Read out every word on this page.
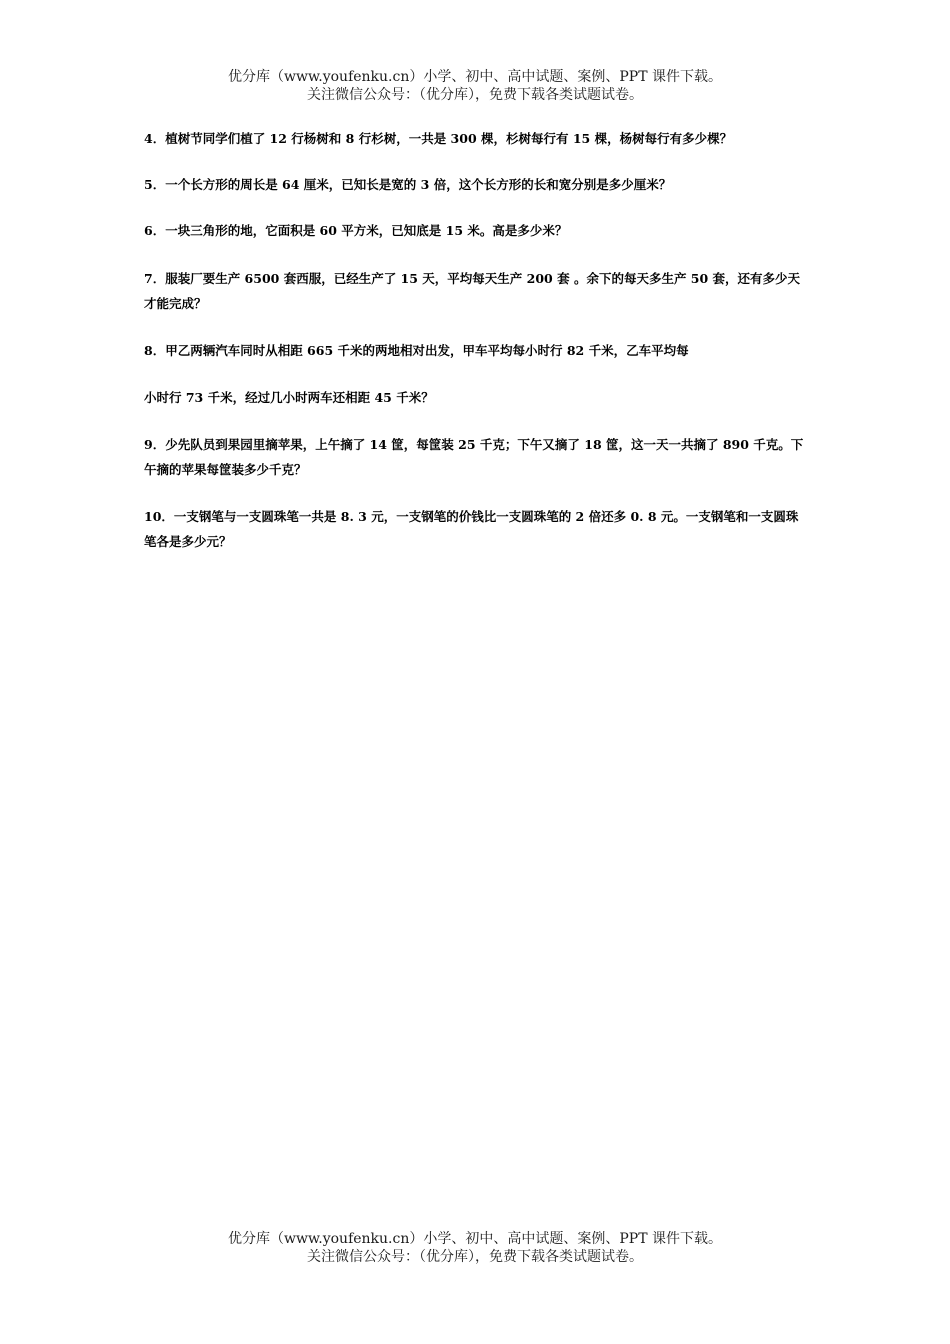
优分库（www.youfenku.cn）小学、初中、高中试题、案例、PPT 课件下载。
关注微信公众号：（优分库），免费下载各类试题试卷。
4．植树节同学们植了 12 行杨树和 8 行杉树，一共是 300 棵，杉树每行有 15 棵，杨树每行有多少棵？
5．一个长方形的周长是 64 厘米，已知长是宽的 3 倍，这个长方形的长和宽分别是多少厘米？
6．一块三角形的地，它面积是 60 平方米，已知底是 15 米。高是多少米？
7．服装厂要生产 6500 套西服，已经生产了 15 天，平均每天生产 200 套 。余下的每天多生产 50 套，还有多少天才能完成？
8．甲乙两辆汽车同时从相距 665 千米的两地相对出发，甲车平均每小时行 82 千米，乙车平均每
小时行 73 千米，经过几小时两车还相距 45 千米？
9．少先队员到果园里摘苹果，上午摘了 14 筐，每筐装 25 千克；下午又摘了 18 筐，这一天一共摘了 890 千克。下午摘的苹果每筐装多少千克？
10．一支钢笔与一支圆珠笔一共是 8. 3 元，一支钢笔的价钱比一支圆珠笔的 2 倍还多 0. 8 元。一支钢笔和一支圆珠笔各是多少元？
优分库（www.youfenku.cn）小学、初中、高中试题、案例、PPT 课件下载。
关注微信公众号：（优分库），免费下载各类试题试卷。
